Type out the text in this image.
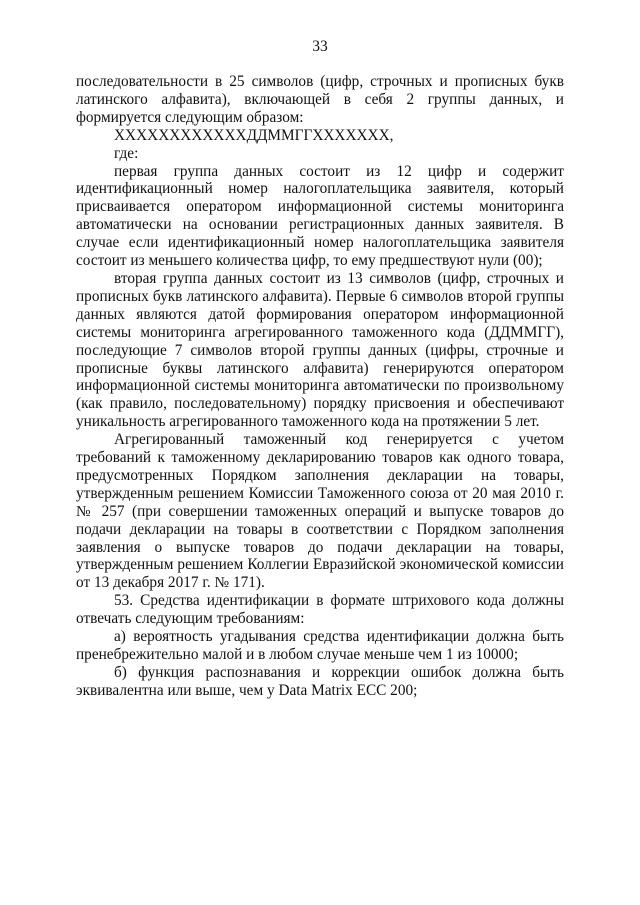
33

последовательности в 25 символов (цифр, строчных и прописных букв латинского алфавита), включающей в себя 2 группы данных, и формируется следующим образом:

ХХХХХХХХХХХХДДММГГХХХХХХХ,

где:

первая группа данных состоит из 12 цифр и содержит идентификационный номер налогоплательщика заявителя, который присваивается оператором информационной системы мониторинга автоматически на основании регистрационных данных заявителя. В случае если идентификационный номер налогоплательщика заявителя состоит из меньшего количества цифр, то ему предшествуют нули (00);

вторая группа данных состоит из 13 символов (цифр, строчных и прописных букв латинского алфавита). Первые 6 символов второй группы данных являются датой формирования оператором информационной системы мониторинга агрегированного таможенного кода (ДДММГГ), последующие 7 символов второй группы данных (цифры, строчные и прописные буквы латинского алфавита) генерируются оператором информационной системы мониторинга автоматически по произвольному (как правило, последовательному) порядку присвоения и обеспечивают уникальность агрегированного таможенного кода на протяжении 5 лет.

Агрегированный таможенный код генерируется с учетом требований к таможенному декларированию товаров как одного товара, предусмотренных Порядком заполнения декларации на товары, утвержденным решением Комиссии Таможенного союза от 20 мая 2010 г. № 257 (при совершении таможенных операций и выпуске товаров до подачи декларации на товары в соответствии с Порядком заполнения заявления о выпуске товаров до подачи декларации на товары, утвержденным решением Коллегии Евразийской экономической комиссии от 13 декабря 2017 г. № 171).

53. Средства идентификации в формате штрихового кода должны отвечать следующим требованиям:

а) вероятность угадывания средства идентификации должна быть пренебрежительно малой и в любом случае меньше чем 1 из 10000;

б) функция распознавания и коррекции ошибок должна быть эквивалентна или выше, чем у Data Matrix ECC 200;
